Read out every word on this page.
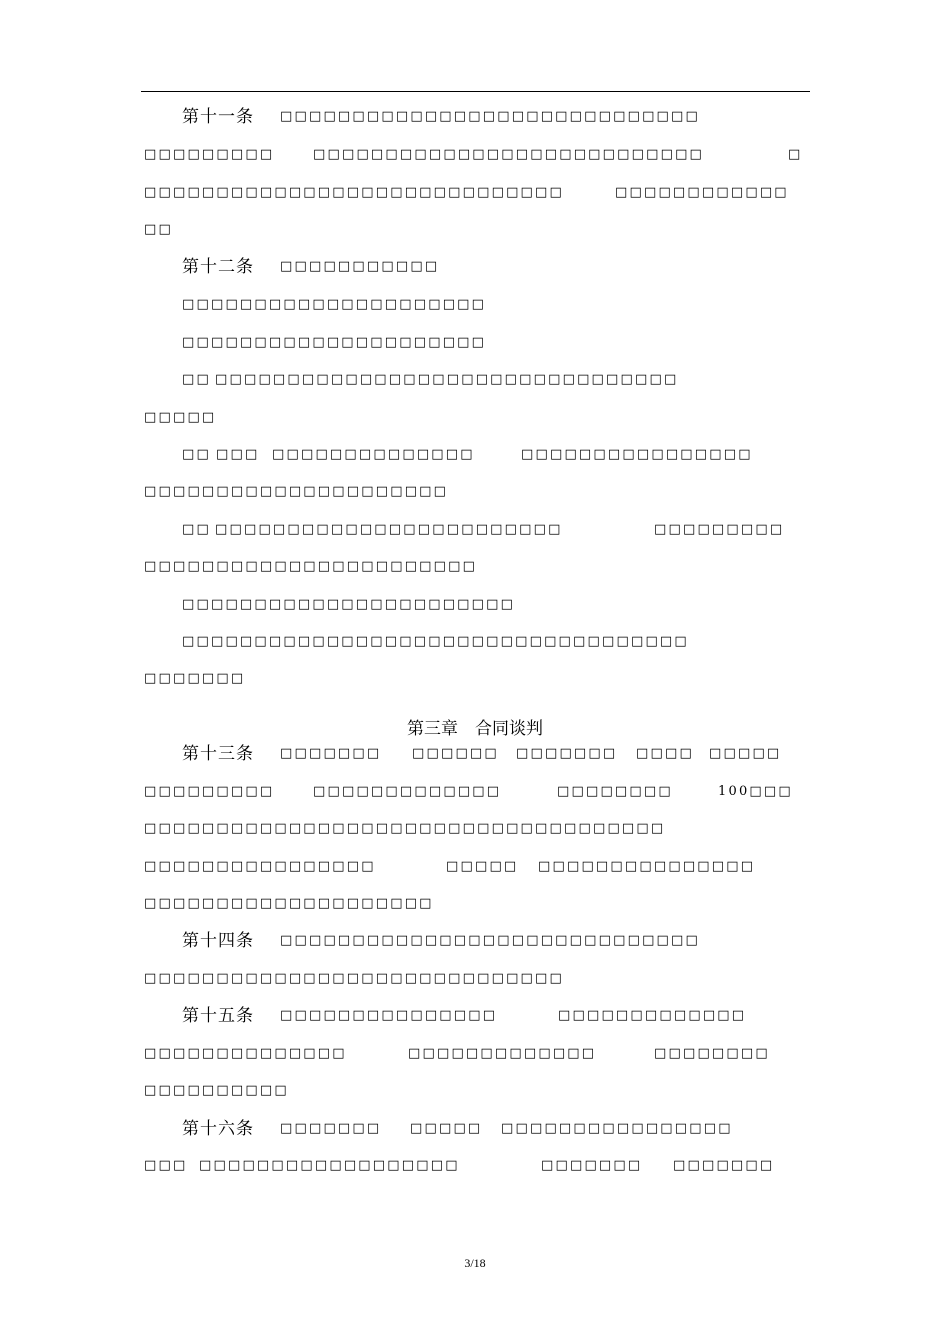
第十一条 □□□□□□□□□□□□□□□□□□□□□□□□□□□□□
□□□□□□□□□	□□□□□□□□□□□□□□□□□□□□□□□□□□□	□
□□□□□□□□□□□□□□□□□□□□□□□□□□□□□	□□□□□□□□□□□□
□□
第十二条 □□□□□□□□□□□
□□□□□□□□□□□□□□□□□□□□□
□□□□□□□□□□□□□□□□□□□□□
□□ □□□□□□□□□□□□□□□□□□□□□□□□□□□□□□□□
□□□□□
□□ □□□ □□□□□□□□□□□□□□	□□□□□□□□□□□□□□□□
□□□□□□□□□□□□□□□□□□□□□
□□ □□□□□□□□□□□□□□□□□□□□□□□□	□□□□□□□□□
□□□□□□□□□□□□□□□□□□□□□□□
□□□□□□□□□□□□□□□□□□□□□□□
□□□□□□□□□□□□□□□□□□□□□□□□□□□□□□□□□□□
□□□□□□□
第十三条 □□□□□□□ □□□□□□ □□□□□□□ □□□□ □□□□□
□□□□□□□□□	□□□□□□□□□□□□□	□□□□□□□□	100□□□
□□□□□□□□□□□□□□□□□□□□□□□□□□□□□□□□□□□□
□□□□□□□□□□□□□□□□	□□□□□ □□□□□□□□□□□□□□□
□□□□□□□□□□□□□□□□□□□□
第十四条 □□□□□□□□□□□□□□□□□□□□□□□□□□□□□
□□□□□□□□□□□□□□□□□□□□□□□□□□□□□
第十五条 □□□□□□□□□□□□□□□	□□□□□□□□□□□□□
□□□□□□□□□□□□□□	□□□□□□□□□□□□□	□□□□□□□□
□□□□□□□□□□
第十六条 □□□□□□□ □□□□□ □□□□□□□□□□□□□□□□
□□□ □□□□□□□□□□□□□□□□□□	□□□□□□□ □□□□□□□
第三章　合同谈判
3/18
